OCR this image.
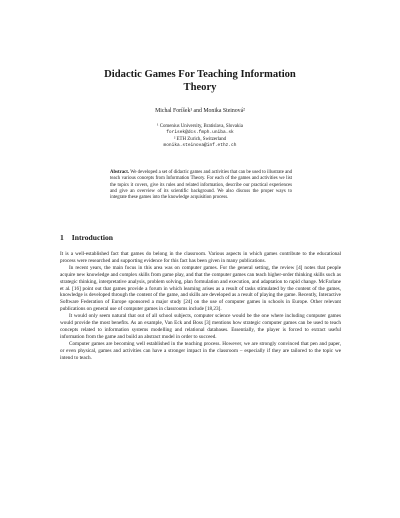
Didactic Games For Teaching Information
Theory
Michal Foríšek¹ and Monika Steinová²
¹ Comenius University, Bratislava, Slovakia
forisek@dcs.fmph.uniba.sk
² ETH Zurich, Switzerland
monika.steinova@inf.ethz.ch
Abstract. We developed a set of didactic games and activities that can be used to illustrate and teach various concepts from Information Theory. For each of the games and activities we list the topics it covers, give its rules and related information, describe our practical experiences and give an overview of its scientific background. We also discuss the proper ways to integrate these games into the knowledge acquisition process.
1 Introduction

It is a well-established fact that games do belong in the classroom. Various aspects in which games contribute to the educational process were researched and supporting evidence for this fact has been given in many publications.

In recent years, the main focus in this area was on computer games. For the general setting, the review [4] notes that people acquire new knowledge and complex skills from game play, and that the computer games can teach higher-order thinking skills such as strategic thinking, interpretative analysis, problem solving, plan formulation and execution, and adaptation to rapid change. McFarlane et al. [16] point out that games provide a forum in which learning arises as a result of tasks stimulated by the content of the games, knowledge is developed through the content of the game, and skills are developed as a result of playing the game. Recently, Interactive Software Federation of Europe sponsored a major study [24] on the use of computer games in schools in Europe. Other relevant publications on general use of computer games in classrooms include [18,23].

It would only seem natural that out of all school subjects, computer science would be the one where including computer games would provide the most benefits. As an example, Van Eck and Boss [3] mentions how strategic computer games can be used to teach concepts related to information systems modelling and relational databases. Essentially, the player is forced to extract useful information from the game and build an abstract model in order to succeed.

Computer games are becoming well established in the teaching process. However, we are strongly convinced that pen and paper, or even physical, games and activities can have a stronger impact in the classroom – especially if they are tailored to the topic we intend to teach.
